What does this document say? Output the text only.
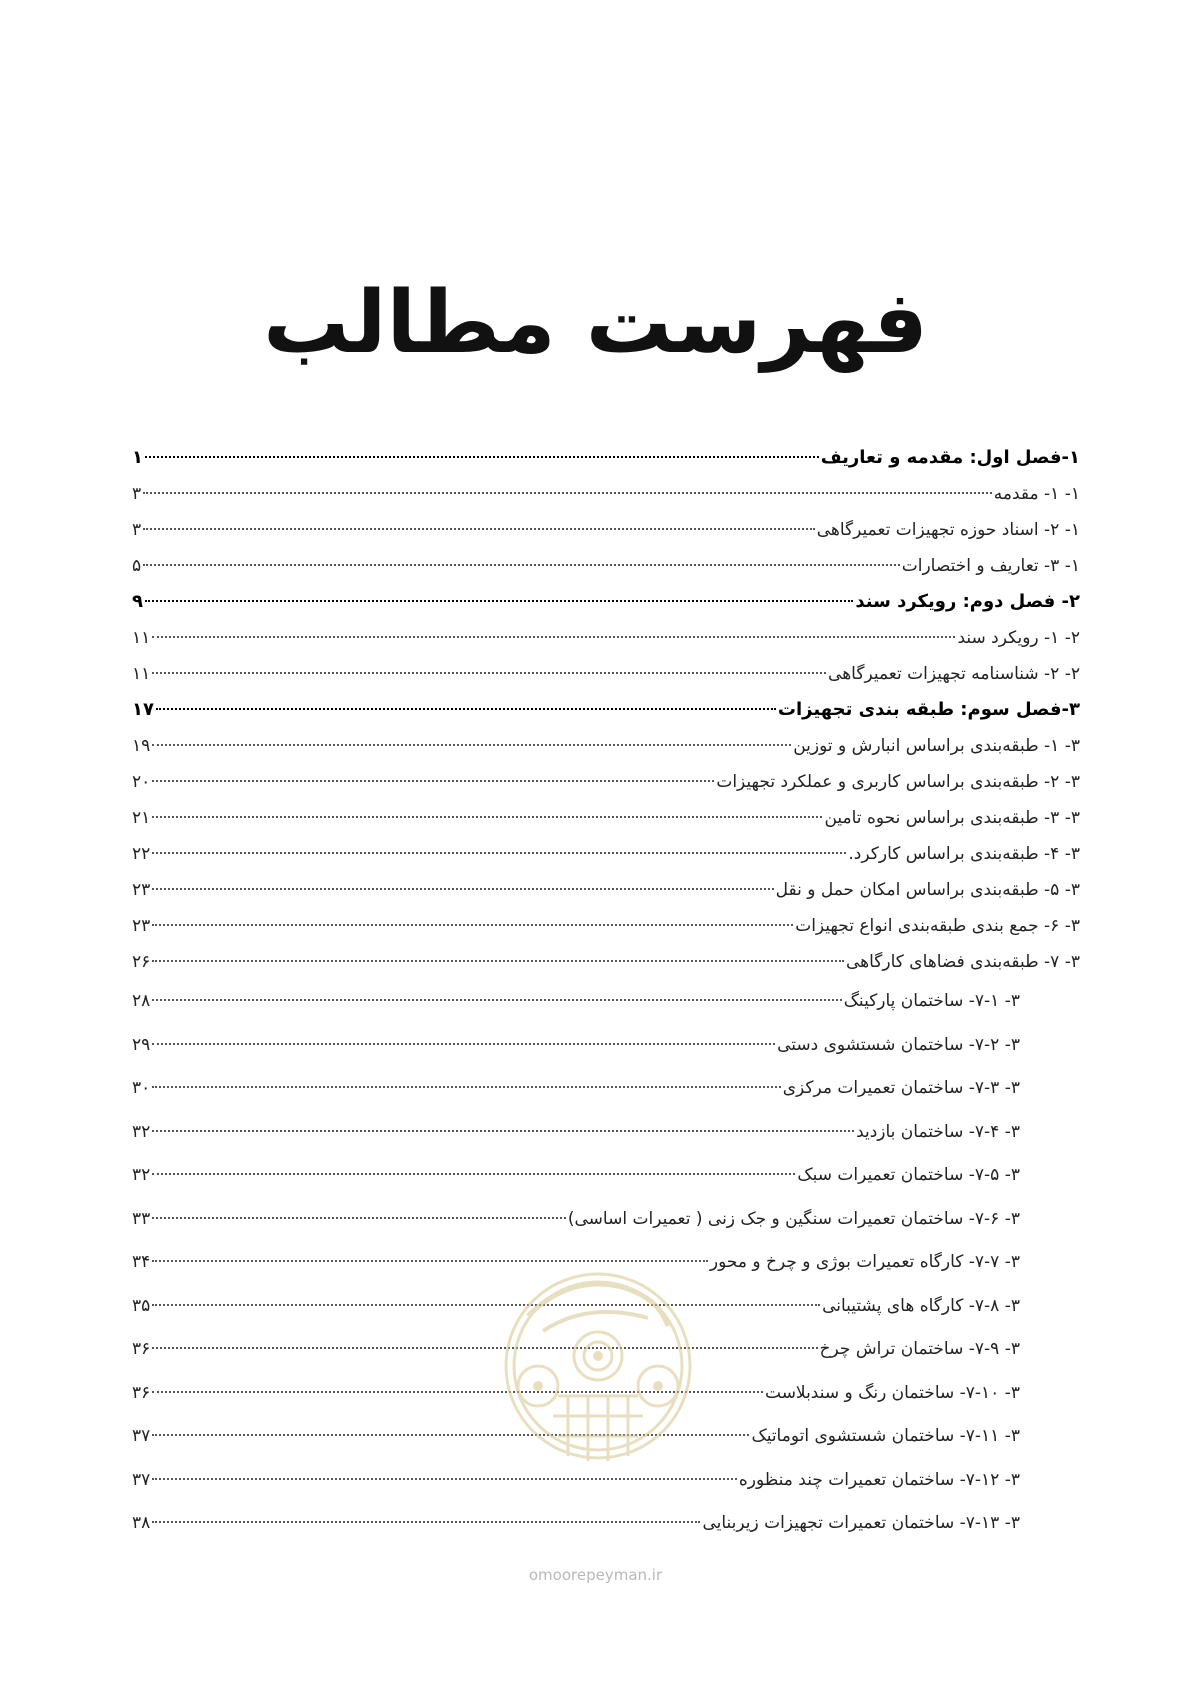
فهرست مطالب
۱-فصل اول: مقدمه و تعاریف
۱
۱- ۱- مقدمه
۳
۱- ۲- اسناد حوزه تجهیزات تعمیرگاهی
۳
۱- ۳- تعاریف و اختصارات
۵
۲- فصل دوم: رویکرد سند
۹
۲- ۱- رویکرد سند
۱۱
۲- ۲- شناسنامه تجهیزات تعمیرگاهی
۱۱
۳-فصل سوم: طبقه بندی تجهیزات
۱۷
۳- ۱- طبقه‌بندی براساس انبارش و توزین
۱۹
۳- ۲- طبقه‌بندی براساس کاربری و عملکرد تجهیزات
۲۰
۳- ۳- طبقه‌بندی براساس نحوه تامین
۲۱
۳- ۴- طبقه‌بندی براساس کارکرد.
۲۲
۳- ۵- طبقه‌بندی براساس امکان حمل و نقل
۲۳
۳- ۶- جمع بندی طبقه‌بندی انواع تجهیزات
۲۳
۳- ۷- طبقه‌بندی فضاهای کارگاهی
۲۶
۳- ۷-۱- ساختمان پارکینگ
۲۸
۳- ۷-۲- ساختمان شستشوی دستی
۲۹
۳- ۷-۳- ساختمان تعمیرات مرکزی
۳۰
۳- ۷-۴- ساختمان بازدید
۳۲
۳- ۷-۵- ساختمان تعمیرات سبک
۳۲
۳- ۷-۶- ساختمان تعمیرات سنگین و جک زنی ( تعمیرات اساسی)
۳۳
۳- ۷-۷- کارگاه تعمیرات بوژی و چرخ و محور
۳۴
۳- ۷-۸- کارگاه های پشتیبانی
۳۵
۳- ۷-۹- ساختمان تراش چرخ
۳۶
۳- ۷-۱۰- ساختمان رنگ و سندبلاست
۳۶
۳- ۷-۱۱- ساختمان شستشوی اتوماتیک
۳۷
۳- ۷-۱۲- ساختمان تعمیرات چند منظوره
۳۷
۳- ۷-۱۳- ساختمان تعمیرات تجهیزات زیربنایی
۳۸
omoorepeyman.ir
